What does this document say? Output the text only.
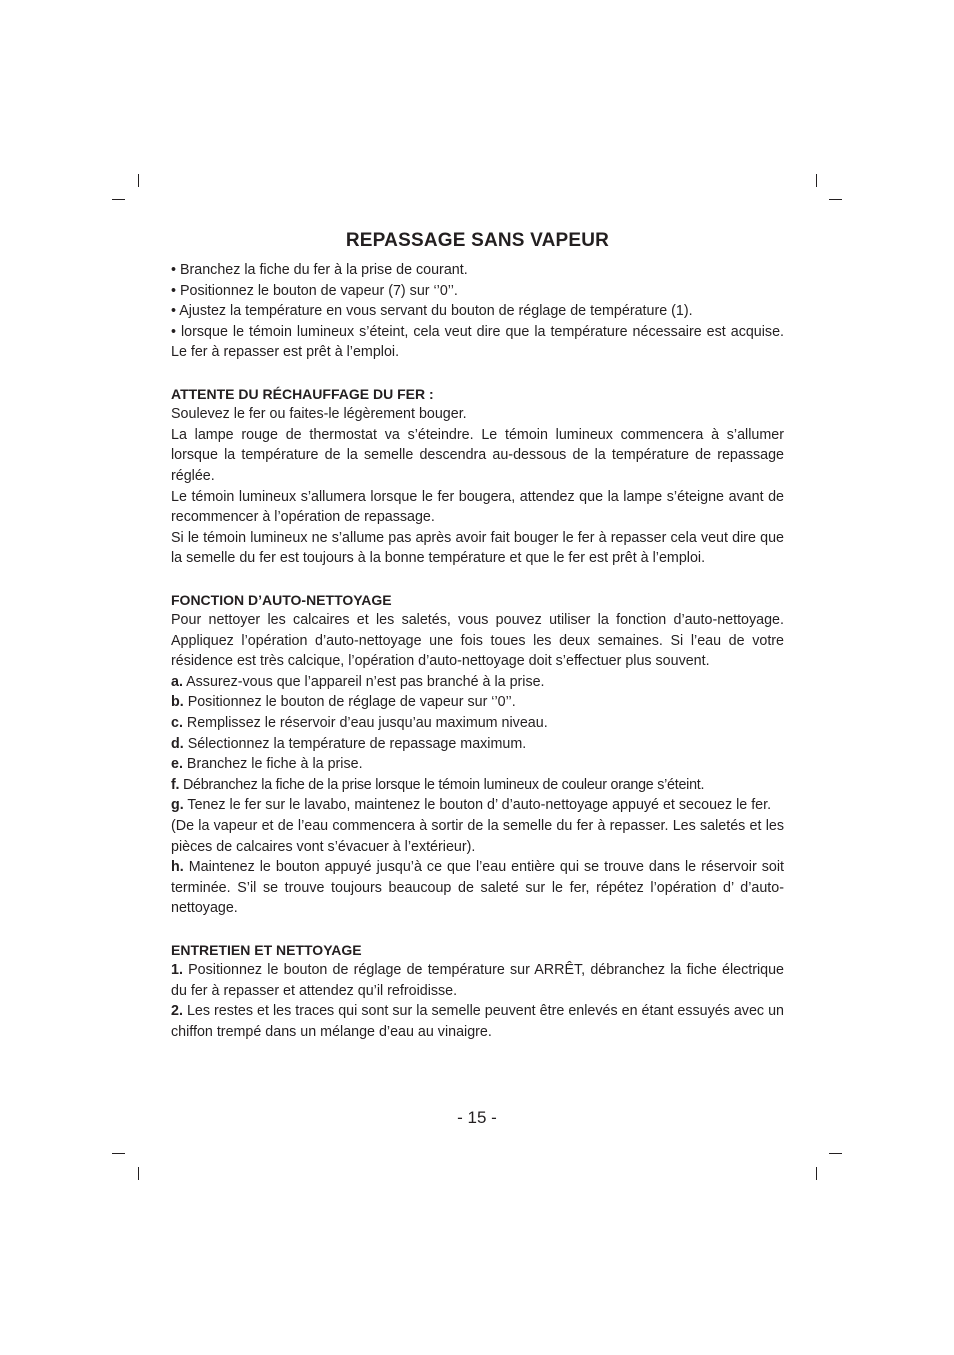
REPASSAGE SANS VAPEUR

• Branchez la fiche du fer à la prise de courant.

• Positionnez le bouton de vapeur (7) sur ‘’0’’.

• Ajustez la température en vous servant du bouton de réglage de température (1).

• lorsque le témoin lumineux s’éteint, cela veut dire que la température nécessaire est acquise. Le fer à repasser est prêt à l’emploi.

ATTENTE DU RÉCHAUFFAGE DU FER :

Soulevez le fer ou faites-le légèrement bouger.

La lampe rouge de thermostat va s’éteindre. Le témoin lumineux commencera à s’allumer lorsque la température de la semelle descendra au-dessous de la température de repassage réglée.

Le témoin lumineux s’allumera lorsque le fer bougera, attendez que la lampe s’éteigne avant de recommencer à l’opération de repassage.

Si le témoin lumineux ne s’allume pas après avoir fait bouger le fer à repasser cela veut dire que la semelle du fer est toujours à la bonne température et que le fer est prêt à l’emploi.

FONCTION D’AUTO-NETTOYAGE

Pour nettoyer les calcaires et les saletés, vous pouvez utiliser la fonction d’auto-nettoyage. Appliquez l’opération d’auto-nettoyage une fois toues les deux semaines. Si l’eau de votre résidence est très calcique, l’opération d’auto-nettoyage doit s’effectuer plus souvent.

a. Assurez-vous que l’appareil n’est pas branché à la prise.

b. Positionnez le bouton de réglage de vapeur sur ‘’0’’.

c. Remplissez le réservoir d’eau jusqu’au maximum niveau.

d. Sélectionnez la température de repassage maximum.

e. Branchez le fiche à la prise.

f. Débranchez la fiche de la prise lorsque le témoin lumineux de couleur orange s’éteint.

g. Tenez le fer sur le lavabo, maintenez le bouton d’ d’auto-nettoyage appuyé et secouez le fer.

(De la vapeur et de l’eau commencera à sortir de la semelle du fer à repasser. Les saletés et les pièces de calcaires vont s’évacuer à l’extérieur).

h. Maintenez le bouton appuyé jusqu’à ce que l’eau entière qui se trouve dans le réservoir soit terminée. S’il se trouve toujours beaucoup de saleté sur le fer, répétez l’opération d’ d’auto-nettoyage.

ENTRETIEN ET NETTOYAGE

1. Positionnez le bouton de réglage de température sur ARRÊT, débranchez la fiche électrique du fer à repasser et attendez qu’il refroidisse.

2. Les restes et les traces qui sont sur la semelle peuvent être enlevés en étant essuyés avec un chiffon trempé dans un mélange d’eau au vinaigre.

- 15 -
